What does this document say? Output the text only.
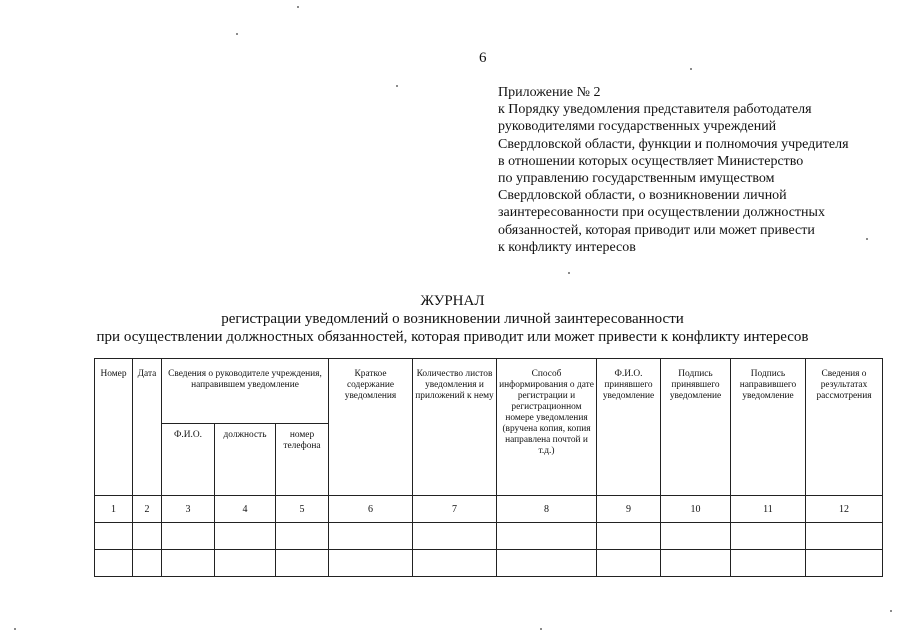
6
Приложение № 2
к Порядку уведомления представителя работодателя
руководителями государственных учреждений
Свердловской области, функции и полномочия учредителя
в отношении которых осуществляет Министерство
по управлению государственным имуществом
Свердловской области, о возникновении личной
заинтересованности при осуществлении должностных
обязанностей, которая приводит или может привести
к конфликту интересов
ЖУРНАЛ
регистрации уведомлений о возникновении личной заинтересованности
при осуществлении должностных обязанностей, которая приводит или может привести к конфликту интересов
Номер	Дата	Сведения о руководителе учреждения, направившем уведомление			Краткое содержание уведомления	Количество листов уведомления и приложений к нему	Способ информирования о дате регистрации и регистрационном номере уведомления (вручена копия, копия направлена почтой и т.д.)	Ф.И.О. принявшего уведомление	Подпись принявшего уведомление	Подпись направившего уведомление	Сведения о результатах рассмотрения
		Ф.И.О.	должность	номер телефона							
1	2	3	4	5	6	7	8	9	10	11	12
